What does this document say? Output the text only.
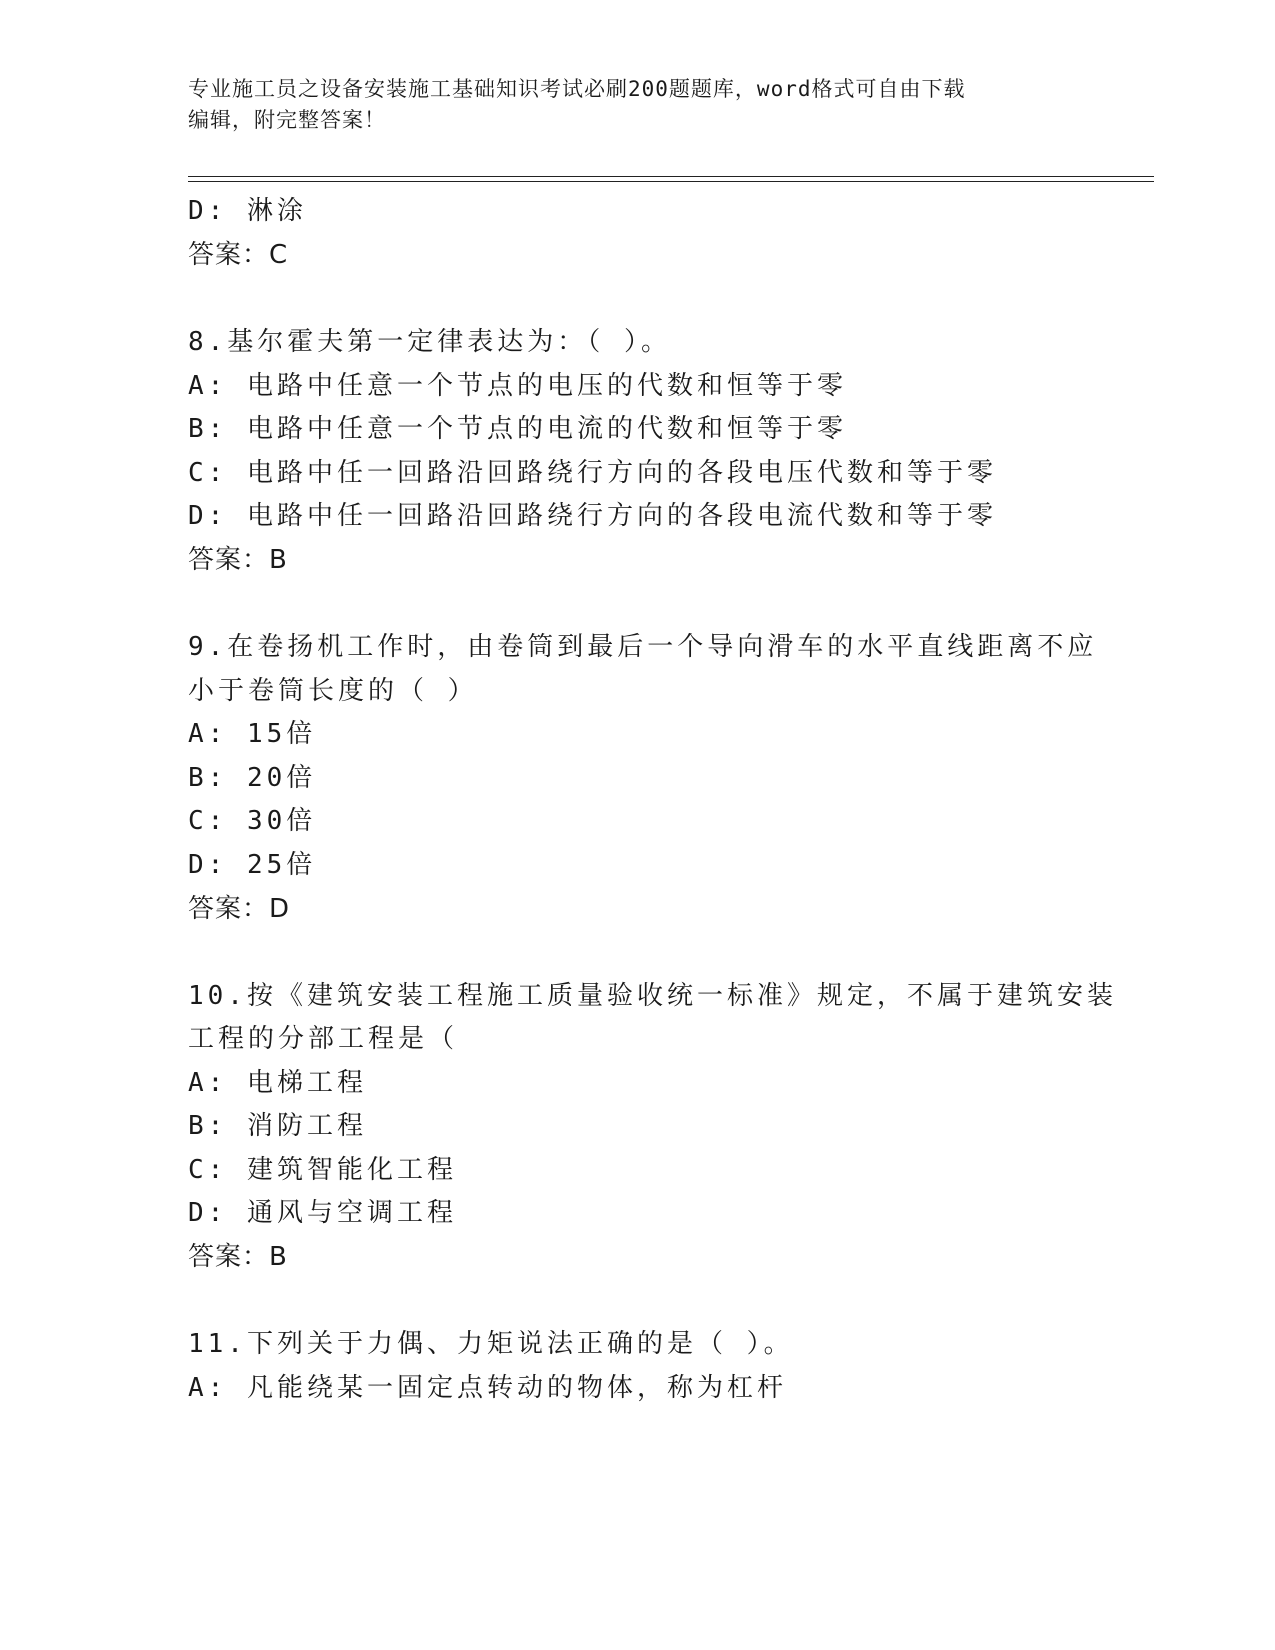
专业施工员之设备安装施工基础知识考试必刷200题题库，word格式可自由下载
编辑，附完整答案！
D: 淋涂
答案：C
8.基尔霍夫第一定律表达为：（ ）。
A: 电路中任意一个节点的电压的代数和恒等于零
B: 电路中任意一个节点的电流的代数和恒等于零
C: 电路中任一回路沿回路绕行方向的各段电压代数和等于零
D: 电路中任一回路沿回路绕行方向的各段电流代数和等于零
答案：B
9.在卷扬机工作时，由卷筒到最后一个导向滑车的水平直线距离不应
小于卷筒长度的（ ）
A: 15倍
B: 20倍
C: 30倍
D: 25倍
答案：D
10.按《建筑安装工程施工质量验收统一标准》规定，不属于建筑安装
工程的分部工程是（
A: 电梯工程
B: 消防工程
C: 建筑智能化工程
D: 通风与空调工程
答案：B
11.下列关于力偶、力矩说法正确的是（ ）。
A: 凡能绕某一固定点转动的物体，称为杠杆
